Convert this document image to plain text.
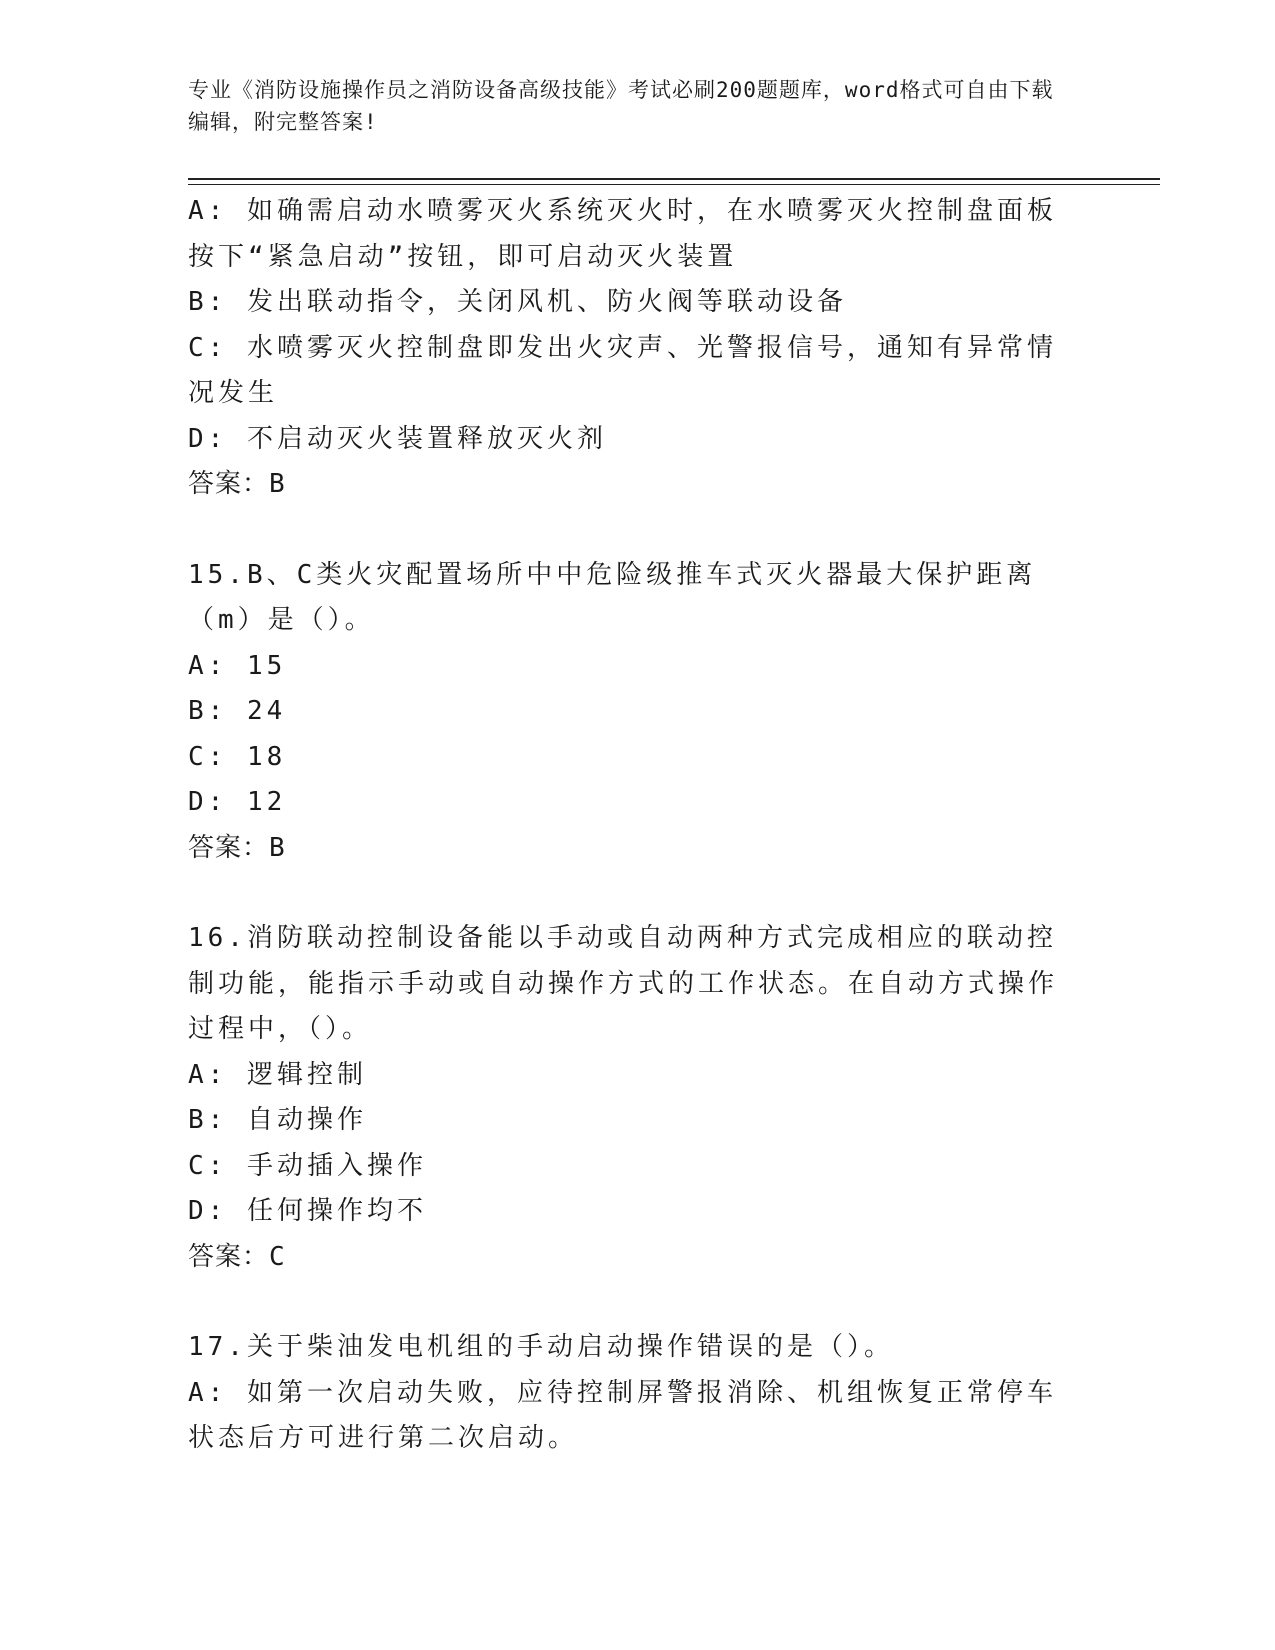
专业《消防设施操作员之消防设备高级技能》考试必刷200题题库，word格式可自由下载编辑，附完整答案!

A: 如确需启动水喷雾灭火系统灭火时，在水喷雾灭火控制盘面板按下“紧急启动”按钮，即可启动灭火装置

B: 发出联动指令，关闭风机、防火阀等联动设备

C: 水喷雾灭火控制盘即发出火灾声、光警报信号，通知有异常情况发生

D: 不启动灭火装置释放灭火剂

答案：B

15.B、C类火灾配置场所中中危险级推车式灭火器最大保护距离（m）是（）。

A: 15

B: 24

C: 18

D: 12

答案：B

16.消防联动控制设备能以手动或自动两种方式完成相应的联动控制功能，能指示手动或自动操作方式的工作状态。在自动方式操作过程中，（）。

A: 逻辑控制

B: 自动操作

C: 手动插入操作

D: 任何操作均不

答案：C

17.关于柴油发电机组的手动启动操作错误的是（）。

A: 如第一次启动失败，应待控制屏警报消除、机组恢复正常停车状态后方可进行第二次启动。
